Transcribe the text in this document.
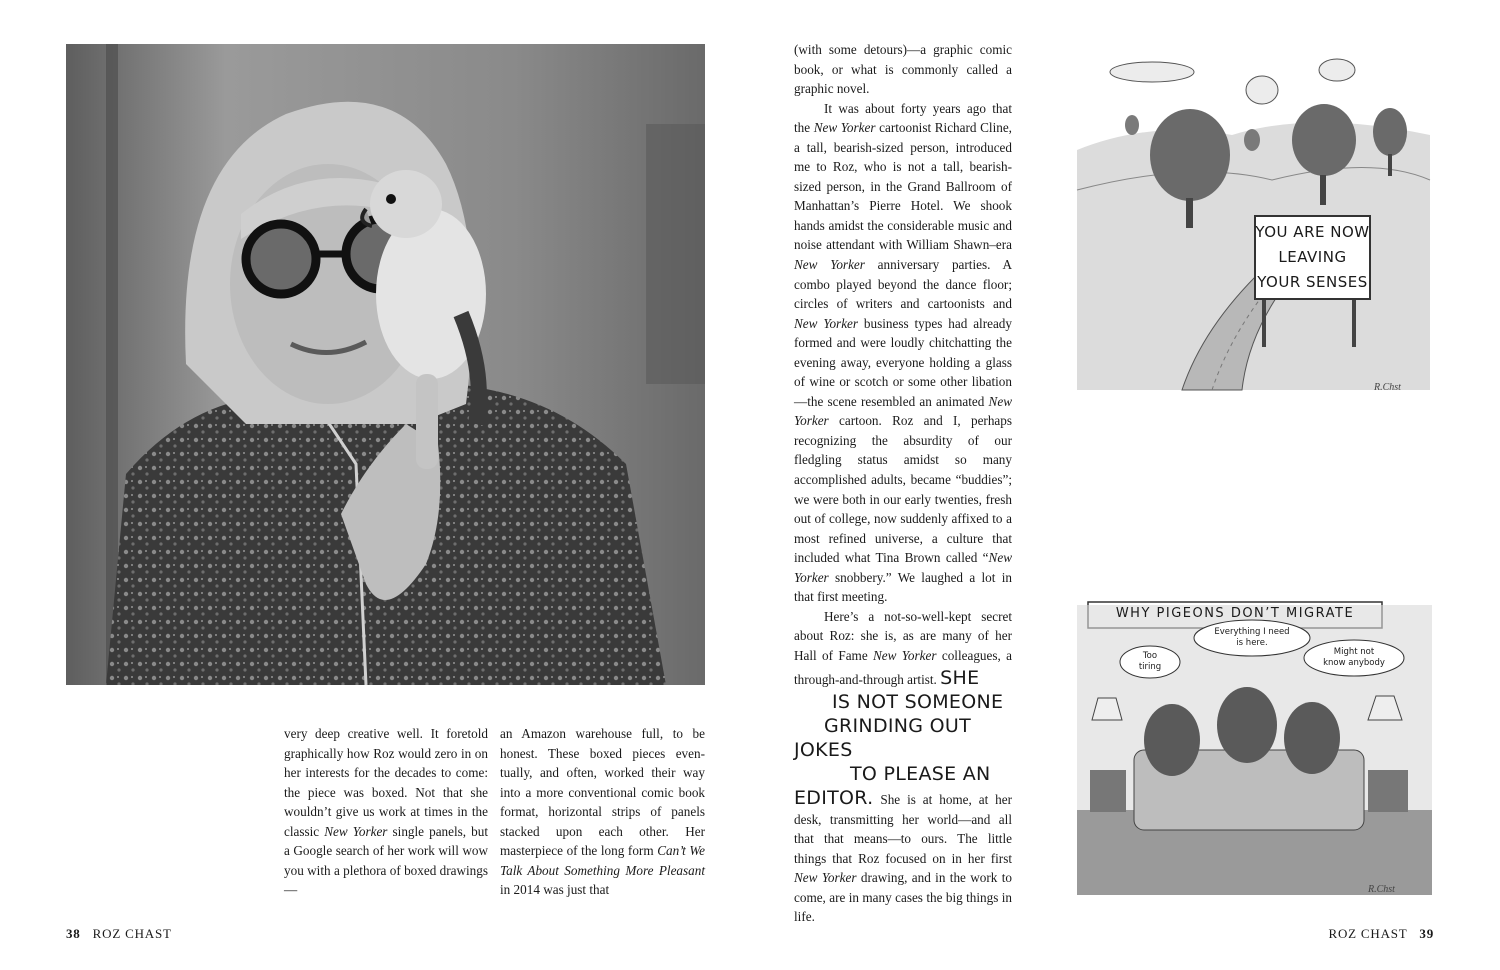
very deep creative well. It foretold graphically how Roz would zero in on her interests for the decades to come: the piece was boxed. Not that she wouldn’t give us work at times in the classic New Yorker single panels, but a Google search of her work will wow you with a plethora of boxed drawings—

an Amazon warehouse full, to be honest. These boxed pieces even- tually, and often, worked their way into a more conventional comic book format, horizontal strips of panels stacked upon each other. Her masterpiece of the long form Can’t We Talk About Something More Pleasant in 2014 was just that

(with some detours)—a graphic comic book, or what is commonly called a graphic novel.

It was about forty years ago that the New Yorker cartoonist Richard Cline, a tall, bearish-sized person, introduced me to Roz, who is not a tall, bearish-sized person, in the Grand Ballroom of Manhattan’s Pierre Hotel. We shook hands amidst the considerable music and noise attendant with William Shawn–era New Yorker anniversary parties. A combo played beyond the dance floor; circles of writers and cartoonists and New Yorker business types had already formed and were loudly chitchatting the evening away, everyone holding a glass of wine or scotch or some other libation—the scene resembled an animated New Yorker cartoon. Roz and I, perhaps recognizing the absurdity of our fledgling status amidst so many accomplished adults, became “buddies”; we were both in our early twenties, fresh out of college, now suddenly affixed to a most refined universe, a culture that included what Tina Brown called “New Yorker snobbery.” We laughed a lot in that first meeting.

Here’s a not-so-well-kept secret about Roz: she is, as are many of her Hall of Fame New Yorker colleagues, a through-and-through artist. SHE
IS NOT SOMEONE
GRINDING OUT JOKES
TO PLEASE AN
EDITOR. She is at home, at her desk, transmitting her world—and all that that means—to ours. The little things that Roz focused on in her first New Yorker drawing, and in the work to come, are in many cases the big things in life.

YOU ARE NOW
LEAVING
YOUR SENSES
R.Chst
WHY PIGEONS DON’T MIGRATE
Too
tiring
Everything I need
is here.
Might not
know anybody
R.Chst
38 ROZ CHAST	ROZ CHAST 39
